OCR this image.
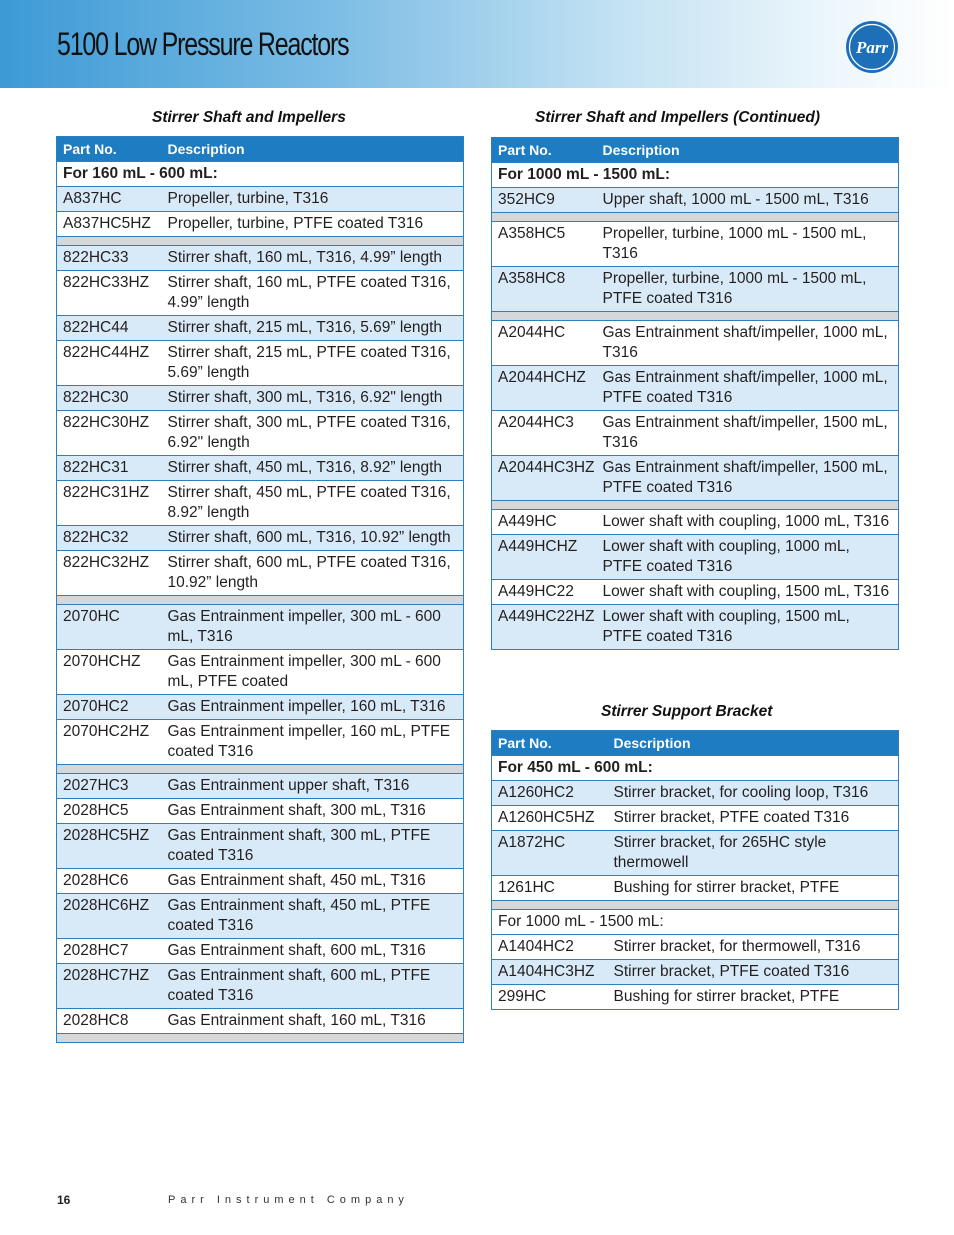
5100 Low Pressure Reactors	Parr
Stirrer Shaft and Impellers
Part No.	Description
For 160 mL - 600 mL:	
A837HC	Propeller, turbine, T316
A837HC5HZ	Propeller, turbine, PTFE coated T316

822HC33	Stirrer shaft, 160 mL, T316, 4.99” length
822HC33HZ	Stirrer shaft, 160 mL, PTFE coated T316, 4.99” length
822HC44	Stirrer shaft, 215 mL, T316, 5.69” length
822HC44HZ	Stirrer shaft, 215 mL, PTFE coated T316, 5.69” length
822HC30	Stirrer shaft, 300 mL, T316, 6.92" length
822HC30HZ	Stirrer shaft, 300 mL, PTFE coated T316, 6.92" length
822HC31	Stirrer shaft, 450 mL, T316, 8.92” length
822HC31HZ	Stirrer shaft, 450 mL, PTFE coated T316, 8.92” length
822HC32	Stirrer shaft, 600 mL, T316, 10.92” length
822HC32HZ	Stirrer shaft, 600 mL, PTFE coated T316, 10.92” length

2070HC	Gas Entrainment impeller, 300 mL - 600 mL, T316
2070HCHZ	Gas Entrainment impeller, 300 mL - 600 mL, PTFE coated
2070HC2	Gas Entrainment impeller, 160 mL, T316
2070HC2HZ	Gas Entrainment impeller, 160 mL, PTFE coated T316

2027HC3	Gas Entrainment upper shaft, T316
2028HC5	Gas Entrainment shaft, 300 mL, T316
2028HC5HZ	Gas Entrainment shaft, 300 mL, PTFE coated T316
2028HC6	Gas Entrainment shaft, 450 mL, T316
2028HC6HZ	Gas Entrainment shaft, 450 mL, PTFE coated T316
2028HC7	Gas Entrainment shaft, 600 mL, T316
2028HC7HZ	Gas Entrainment shaft, 600 mL, PTFE coated T316
2028HC8	Gas Entrainment shaft, 160 mL, T316

Stirrer Shaft and Impellers (Continued)
Part No.	Description
For 1000 mL - 1500 mL:	
352HC9	Upper shaft, 1000 mL - 1500 mL, T316

A358HC5	Propeller, turbine, 1000 mL - 1500 mL, T316
A358HC8	Propeller, turbine, 1000 mL - 1500 mL, PTFE coated T316

A2044HC	Gas Entrainment shaft/impeller, 1000 mL, T316
A2044HCHZ	Gas Entrainment shaft/impeller, 1000 mL, PTFE coated T316
A2044HC3	Gas Entrainment shaft/impeller, 1500 mL, T316
A2044HC3HZ	Gas Entrainment shaft/impeller, 1500 mL, PTFE coated T316

A449HC	Lower shaft with coupling, 1000 mL, T316
A449HCHZ	Lower shaft with coupling, 1000 mL, PTFE coated T316
A449HC22	Lower shaft with coupling, 1500 mL, T316
A449HC22HZ	Lower shaft with coupling, 1500 mL, PTFE coated T316
Stirrer Support Bracket
Part No.	Description
For 450 mL - 600 mL:	
A1260HC2	Stirrer bracket, for cooling loop, T316
A1260HC5HZ	Stirrer bracket, PTFE coated T316
A1872HC	Stirrer bracket, for 265HC style thermowell
1261HC	Bushing for stirrer bracket, PTFE

For 1000 mL - 1500 mL:	
A1404HC2	Stirrer bracket, for thermowell, T316
A1404HC3HZ	Stirrer bracket, PTFE coated T316
299HC	Bushing for stirrer bracket, PTFE
16	Parr Instrument Company
